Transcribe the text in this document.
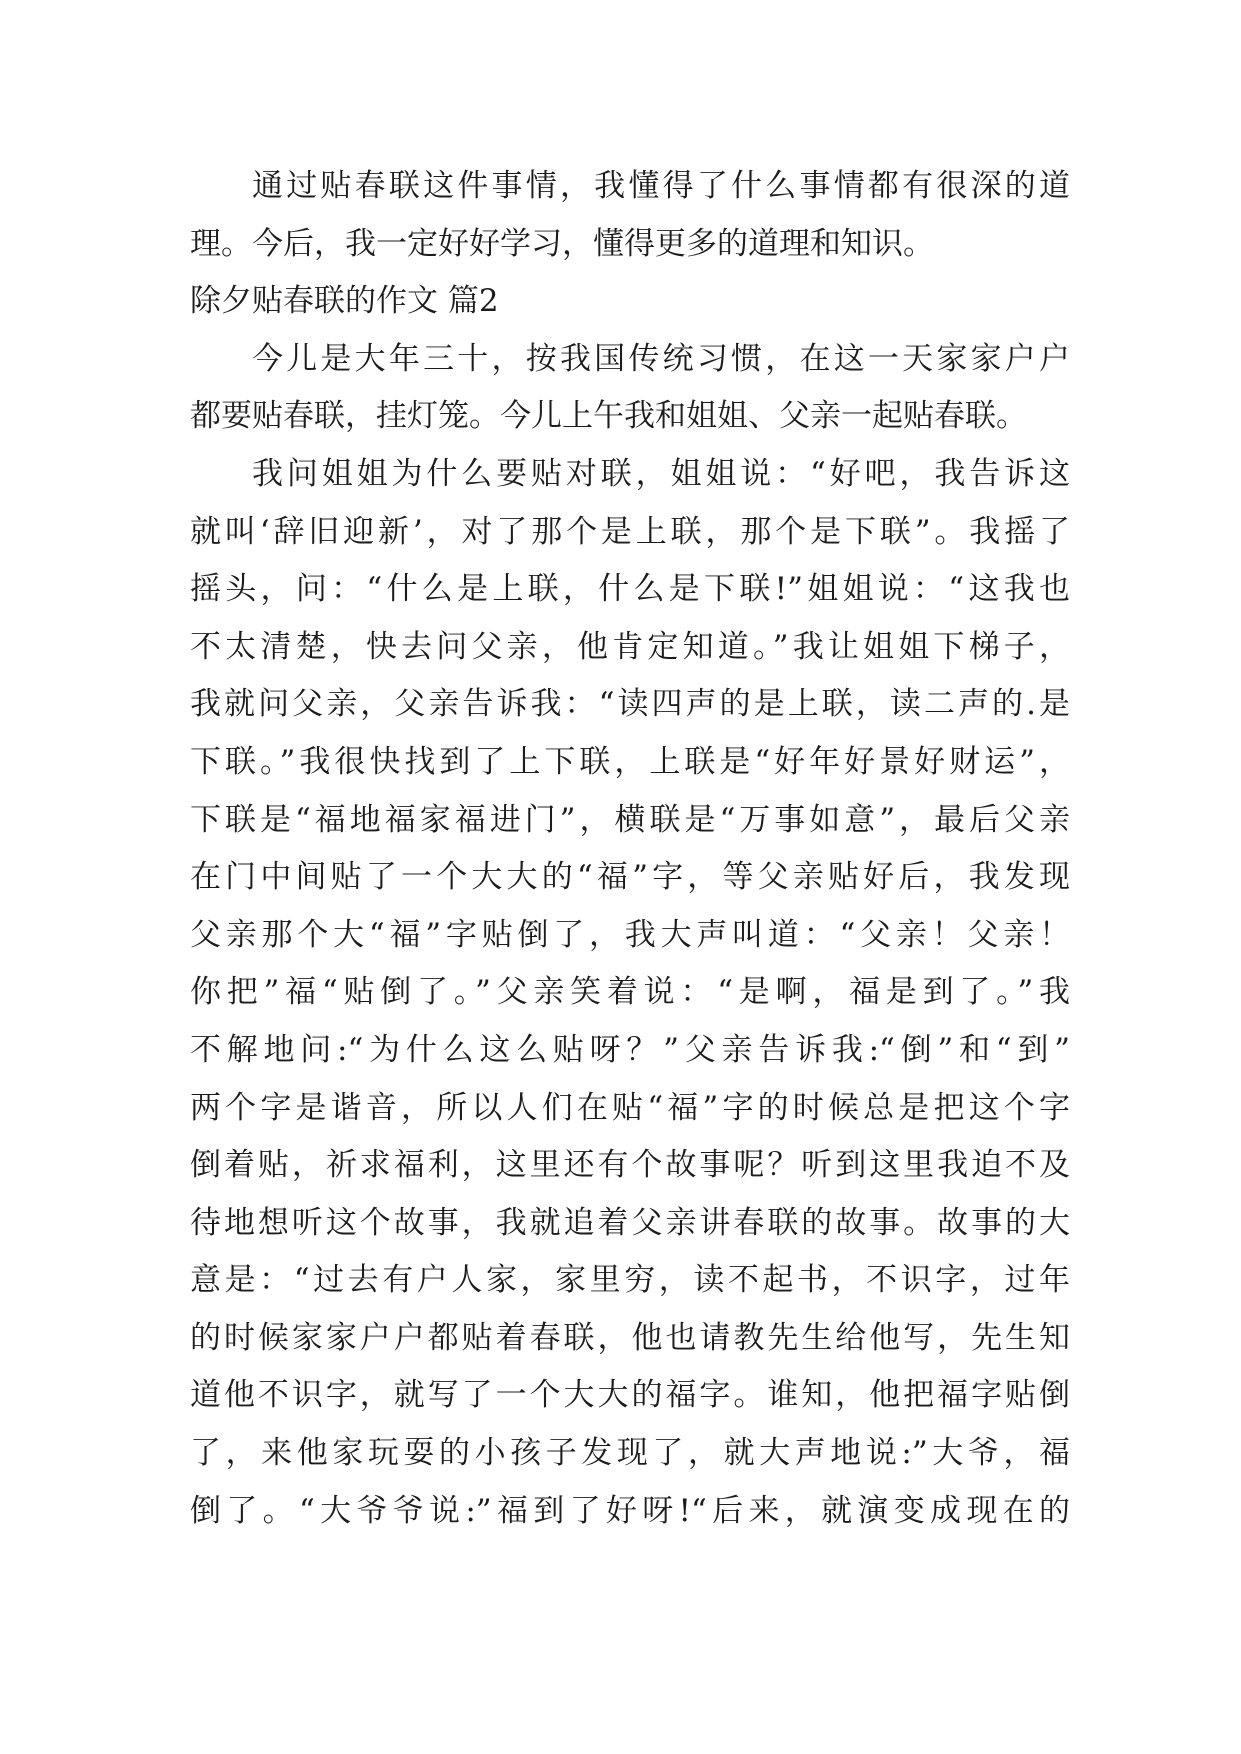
通过贴春联这件事情，我懂得了什么事情都有很深的道
理。今后，我一定好好学习，懂得更多的道理和知识。
除夕贴春联的作文 篇2
今儿是大年三十，按我国传统习惯，在这一天家家户户
都要贴春联，挂灯笼。今儿上午我和姐姐、父亲一起贴春联。
我问姐姐为什么要贴对联，姐姐说：“好吧，我告诉这
就叫‘辞旧迎新’，对了那个是上联，那个是下联”。我摇了
摇头，问：“什么是上联，什么是下联!”姐姐说：“这我也
不太清楚，快去问父亲，他肯定知道。”我让姐姐下梯子，
我就问父亲，父亲告诉我：“读四声的是上联，读二声的.是
下联。”我很快找到了上下联，上联是“好年好景好财运”，
下联是“福地福家福进门”，横联是“万事如意”，最后父亲
在门中间贴了一个大大的“福”字，等父亲贴好后，我发现
父亲那个大“福”字贴倒了，我大声叫道：“父亲！父亲！
你把”福“贴倒了。”父亲笑着说：“是啊，福是到了。”我
不解地问:“为什么这么贴呀？”父亲告诉我:“倒”和“到”
两个字是谐音，所以人们在贴“福”字的时候总是把这个字
倒着贴，祈求福利，这里还有个故事呢？听到这里我迫不及
待地想听这个故事，我就追着父亲讲春联的故事。故事的大
意是：“过去有户人家，家里穷，读不起书，不识字，过年
的时候家家户户都贴着春联，他也请教先生给他写，先生知
道他不识字，就写了一个大大的福字。谁知，他把福字贴倒
了，来他家玩耍的小孩子发现了，就大声地说:”大爷，福
倒了。“大爷爷说:”福到了好呀!“后来，就演变成现在的
